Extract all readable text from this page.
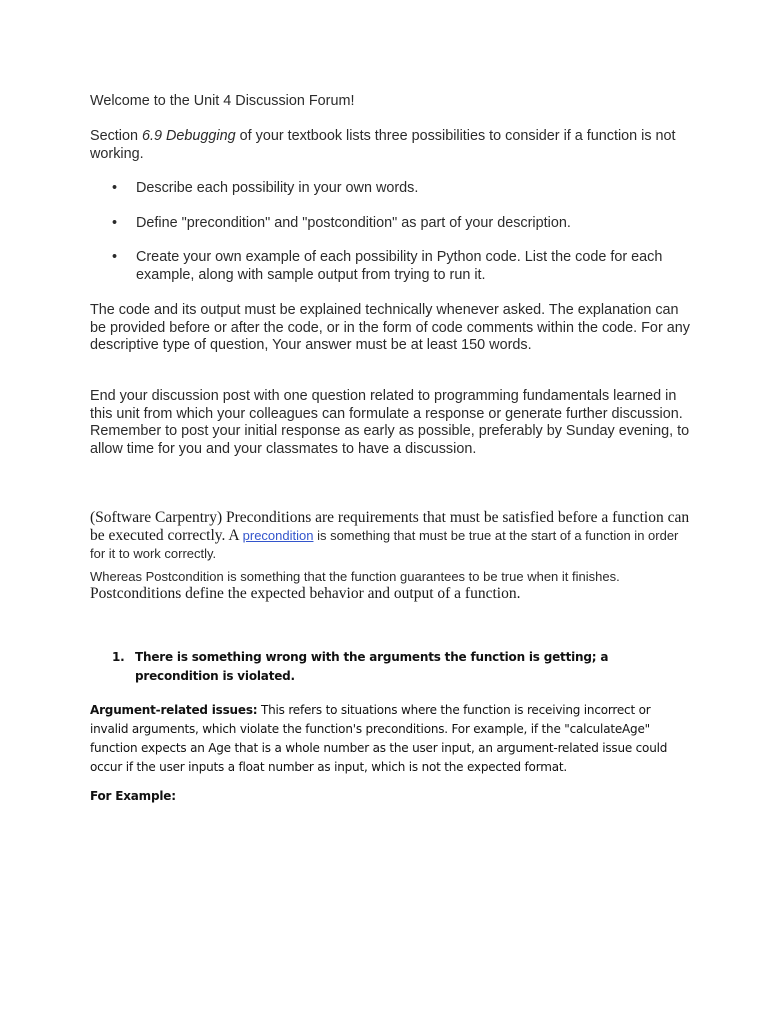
Welcome to the Unit 4 Discussion Forum!
Section 6.9 Debugging of your textbook lists three possibilities to consider if a function is not working.
• Describe each possibility in your own words.
• Define "precondition" and "postcondition" as part of your description.
• Create your own example of each possibility in Python code. List the code for each example, along with sample output from trying to run it.
The code and its output must be explained technically whenever asked. The explanation can be provided before or after the code, or in the form of code comments within the code. For any descriptive type of question, Your answer must be at least 150 words.
End your discussion post with one question related to programming fundamentals learned in this unit from which your colleagues can formulate a response or generate further discussion. Remember to post your initial response as early as possible, preferably by Sunday evening, to allow time for you and your classmates to have a discussion.
(Software Carpentry) Preconditions are requirements that must be satisfied before a function can be executed correctly. A precondition is something that must be true at the start of a function in order for it to work correctly.
Whereas Postcondition is something that the function guarantees to be true when it finishes.
Postconditions define the expected behavior and output of a function.
1. There is something wrong with the arguments the function is getting; a precondition is violated.
Argument-related issues: This refers to situations where the function is receiving incorrect or invalid arguments, which violate the function's preconditions. For example, if the "calculateAge" function expects an Age that is a whole number as the user input, an argument-related issue could occur if the user inputs a float number as input, which is not the expected format.
For Example:
